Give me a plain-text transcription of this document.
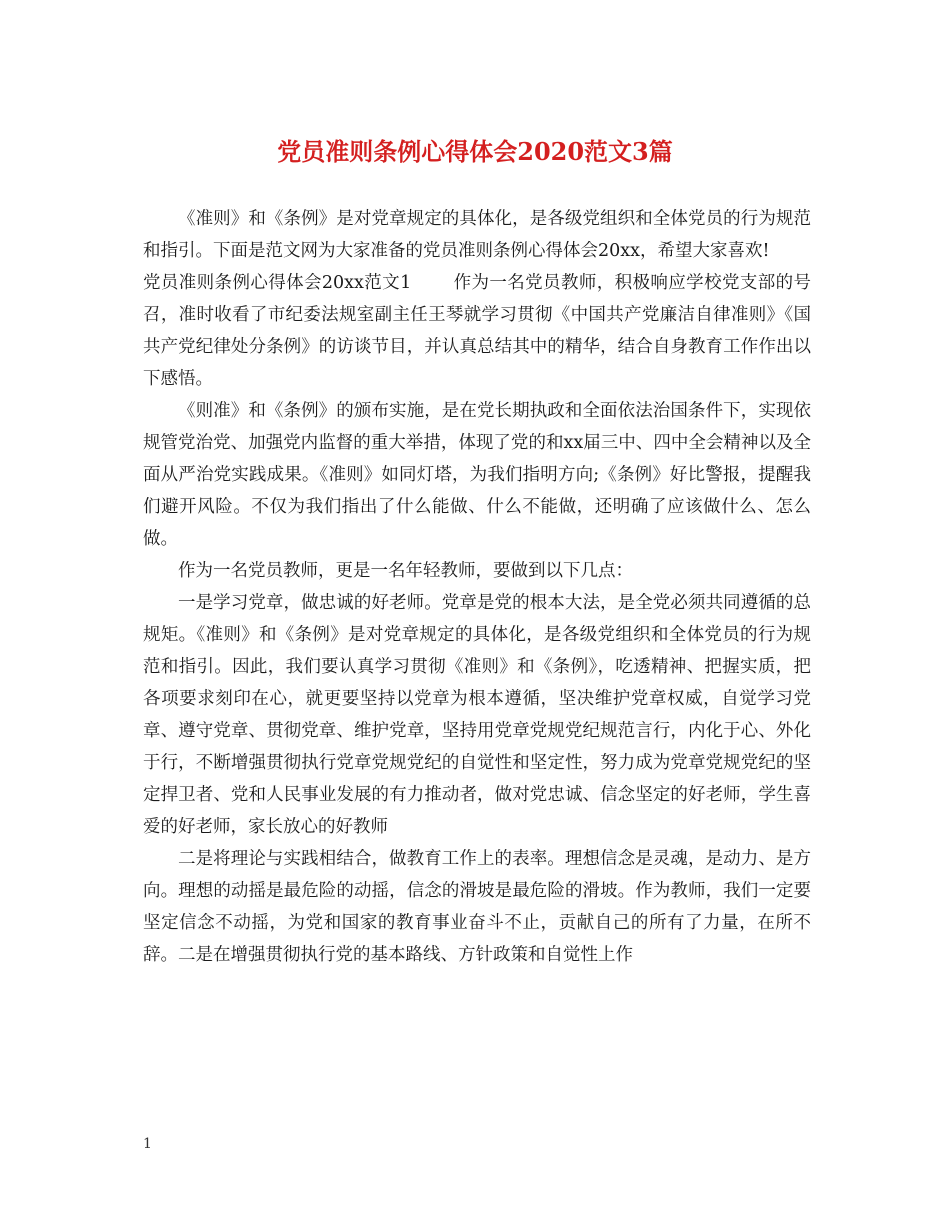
党员准则条例心得体会2020范文3篇

《准则》和《条例》是对党章规定的具体化，是各级党组织和全体党员的行为规范和指引。下面是范文网为大家准备的党员准则条例心得体会20xx，希望大家喜欢!

党员准则条例心得体会20xx范文1 作为一名党员教师，积极响应学校党支部的号召，准时收看了市纪委法规室副主任王琴就学习贯彻《中国共产党廉洁自律准则》《国共产党纪律处分条例》的访谈节目，并认真总结其中的精华，结合自身教育工作作出以下感悟。

《则准》和《条例》的颁布实施，是在党长期执政和全面依法治国条件下，实现依规管党治党、加强党内监督的重大举措，体现了党的和xx届三中、四中全会精神以及全面从严治党实践成果。《准则》如同灯塔，为我们指明方向;《条例》好比警报，提醒我们避开风险。不仅为我们指出了什么能做、什么不能做，还明确了应该做什么、怎么做。

作为一名党员教师，更是一名年轻教师，要做到以下几点：

一是学习党章，做忠诚的好老师。党章是党的根本大法，是全党必须共同遵循的总规矩。《准则》和《条例》是对党章规定的具体化，是各级党组织和全体党员的行为规范和指引。因此，我们要认真学习贯彻《准则》和《条例》，吃透精神、把握实质，把各项要求刻印在心，就更要坚持以党章为根本遵循，坚决维护党章权威，自觉学习党章、遵守党章、贯彻党章、维护党章，坚持用党章党规党纪规范言行，内化于心、外化于行，不断增强贯彻执行党章党规党纪的自觉性和坚定性，努力成为党章党规党纪的坚定捍卫者、党和人民事业发展的有力推动者，做对党忠诚、信念坚定的好老师，学生喜爱的好老师，家长放心的好教师

二是将理论与实践相结合，做教育工作上的表率。理想信念是灵魂，是动力、是方向。理想的动摇是最危险的动摇，信念的滑坡是最危险的滑坡。作为教师，我们一定要坚定信念不动摇，为党和国家的教育事业奋斗不止，贡献自己的所有了力量，在所不辞。二是在增强贯彻执行党的基本路线、方针政策和自觉性上作

1
